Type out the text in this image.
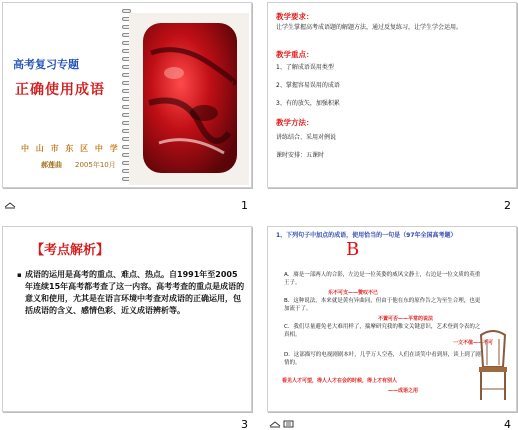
高考复习专题
正确使用成语
中 山 市 东 区 中 学
郝莲曲 2005年10月
1
教学要求：
让学生掌握高考成语题的解题方法，通过反复练习，让学生学会运用。
教学重点：
1、了解成语误用类型
2、掌握容易误用的成语
3、有的放矢，加强积累
教学方法：
讲练结合、采用对例说
课时安排：五课时
2
【考点解析】
▪ 成语的运用是高考的重点、难点、热点。自1991年至2005年连续15年高考都考查了这一内容。高考考查的重点是成语的意义和使用，尤其是在语言环境中考查对成语的正确运用，包括成语的含义、感情色彩、近义成语辨析等。
3
1、下列句子中加点的成语，使用恰当的一句是（97年全国高考题）
B
A．赓是一部两人的合影，左边是一位英姿的威风文静士，右边是一位文质的英重王子。
乐不可支——赞叹不已
B．这种说法，本来就是黄有异曲同，但由于他在东的原作告之为至生合理，也更加流于了。
不置可否——平常的说法
C．我们尽量避免老大难用样了，揣摩研究我的稚文关键意识，艺术登到令表的之真相。
一文不值——不可
D．这部描写的电视剧剧本叶，几乎万人空巷，人们在谈笑中看到屏，谈上到了剧情的。
看见人才可望，得人人才在会的时候，得上才有别人
——成语之用
4
